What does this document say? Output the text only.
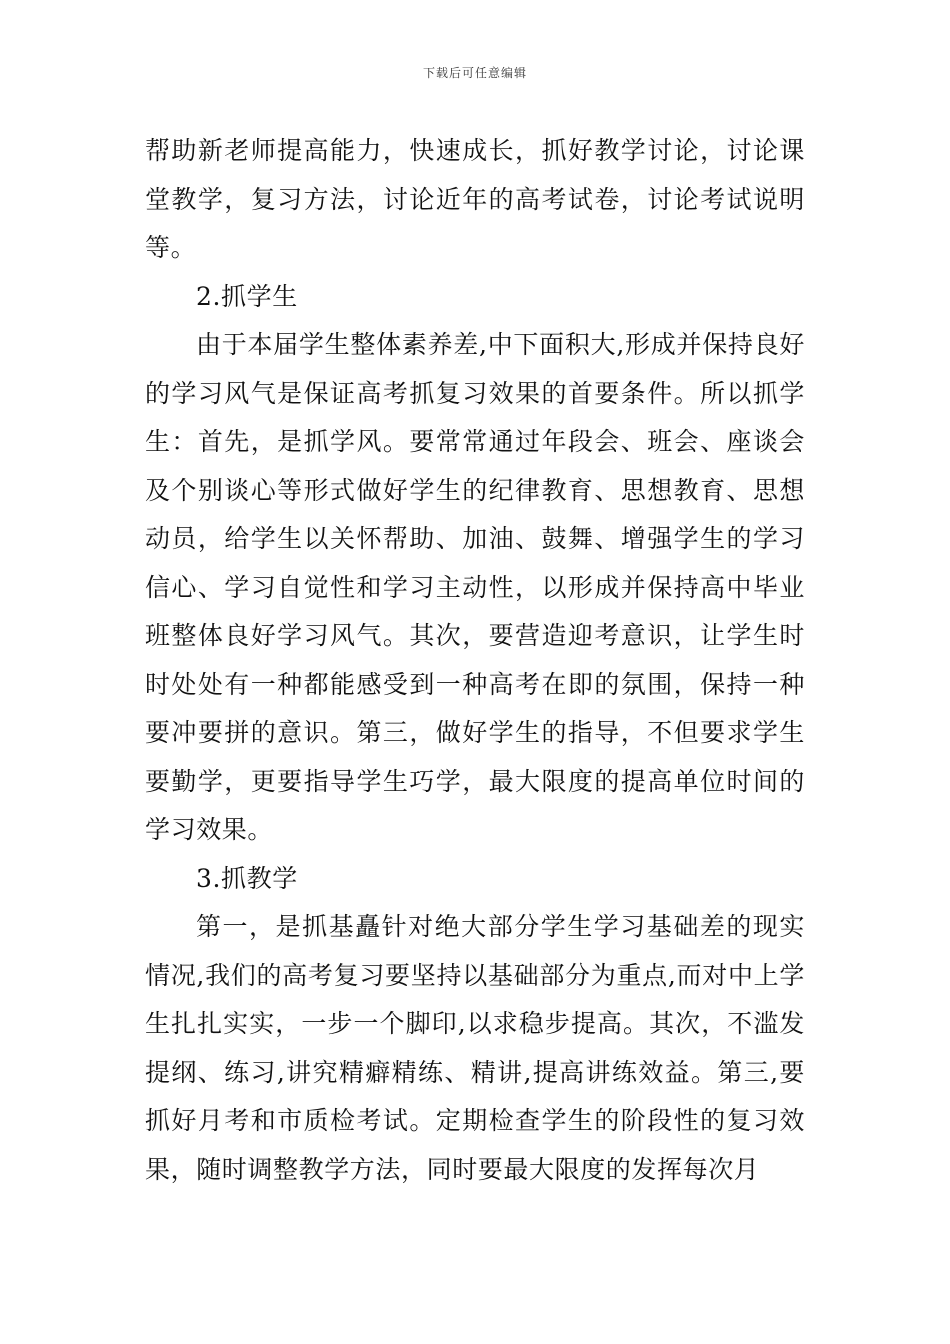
下载后可任意编辑

帮助新老师提高能力，快速成长，抓好教学讨论，讨论课堂教学，复习方法，讨论近年的高考试卷，讨论考试说明等。

2.抓学生

由于本届学生整体素养差,中下面积大,形成并保持良好的学习风气是保证高考抓复习效果的首要条件。所以抓学生：首先，是抓学风。要常常通过年段会、班会、座谈会及个别谈心等形式做好学生的纪律教育、思想教育、思想动员，给学生以关怀帮助、加油、鼓舞、增强学生的学习信心、学习自觉性和学习主动性，以形成并保持高中毕业班整体良好学习风气。其次，要营造迎考意识，让学生时时处处有一种都能感受到一种高考在即的氛围，保持一种要冲要拼的意识。第三，做好学生的指导，不但要求学生要勤学，更要指导学生巧学，最大限度的提高单位时间的学习效果。

3.抓教学

第一，是抓基矗针对绝大部分学生学习基础差的现实情况,我们的高考复习要坚持以基础部分为重点,而对中上学生扎扎实实，一步一个脚印,以求稳步提高。其次，不滥发提纲、练习,讲究精癖精练、精讲,提高讲练效益。第三,要抓好月考和市质检考试。定期检查学生的阶段性的复习效果，随时调整教学方法，同时要最大限度的发挥每次月
